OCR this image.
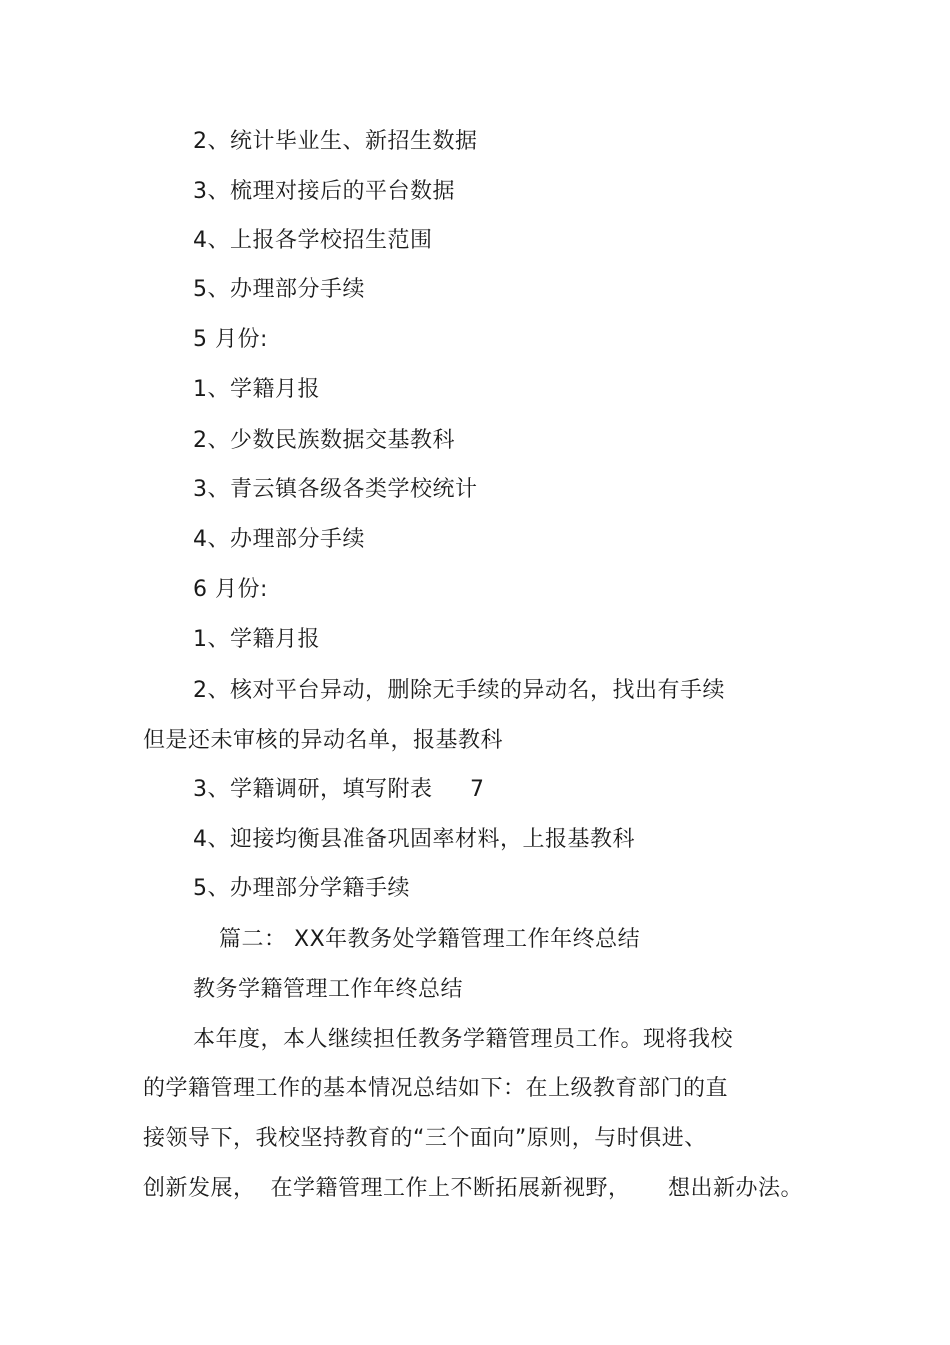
2、统计毕业生、新招生数据
3、梳理对接后的平台数据
4、上报各学校招生范围
5、办理部分手续
5 月份:
1、学籍月报
2、少数民族数据交基教科
3、青云镇各级各类学校统计
4、办理部分手续
6 月份:
1、学籍月报
2、核对平台异动，删除无手续的异动名，找出有手续
但是还未审核的异动名单，报基教科
3、学籍调研，填写附表     7
4、迎接均衡县准备巩固率材料，上报基教科
5、办理部分学籍手续
篇二： XX年教务处学籍管理工作年终总结
教务学籍管理工作年终总结
本年度，本人继续担任教务学籍管理员工作。现将我校
的学籍管理工作的基本情况总结如下：在上级教育部门的直
接领导下，我校坚持教育的“三个面向”原则，与时俱进、
创新发展，  在学籍管理工作上不断拓展新视野，     想出新办法。
